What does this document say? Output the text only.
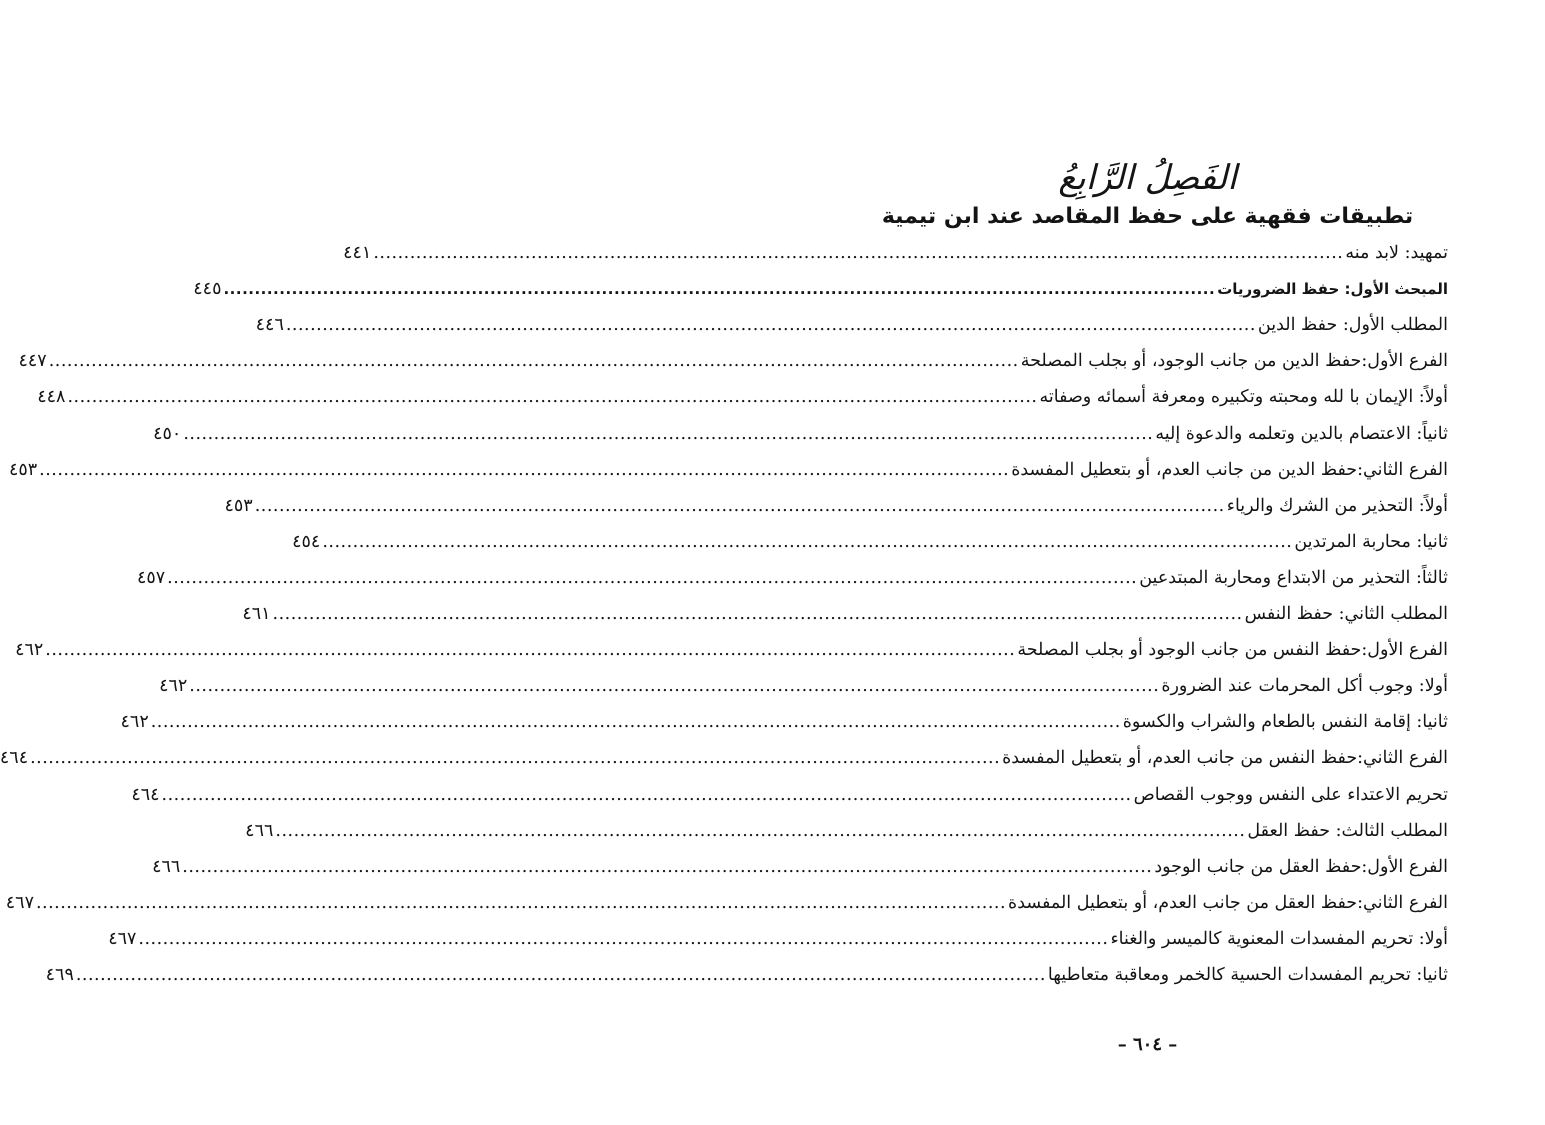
الفَصِلُ الرَّابِعُ
تطبيقات فقهية على حفظ المقاصد عند ابن تيمية
تمهيد: لابد منه
................................................................................................................................................................
٤٤١
المبحث الأول: حفظ الضروريات
................................................................................................................................................................
٤٤٥
المطلب الأول: حفظ الدين
................................................................................................................................................................
٤٤٦
الفرع الأول:حفظ الدين من جانب الوجود، أو بجلب المصلحة
................................................................................................................................................................
٤٤٧
أولاً: الإيمان با لله ومحبته وتكبيره ومعرفة أسمائه وصفاته
................................................................................................................................................................
٤٤٨
ثانياً: الاعتصام بالدين وتعلمه والدعوة إليه
................................................................................................................................................................
٤٥٠
الفرع الثاني:حفظ الدين من جانب العدم، أو بتعطيل المفسدة
................................................................................................................................................................
٤٥٣
أولاً: التحذير من الشرك والرياء
................................................................................................................................................................
٤٥٣
ثانيا: محاربة المرتدين
................................................................................................................................................................
٤٥٤
ثالثاً: التحذير من الابتداع ومحاربة المبتدعين
................................................................................................................................................................
٤٥٧
المطلب الثاني: حفظ النفس
................................................................................................................................................................
٤٦١
الفرع الأول:حفظ النفس من جانب الوجود أو بجلب المصلحة
................................................................................................................................................................
٤٦٢
أولا: وجوب أكل المحرمات عند الضرورة
................................................................................................................................................................
٤٦٢
ثانيا: إقامة النفس بالطعام والشراب والكسوة
................................................................................................................................................................
٤٦٢
الفرع الثاني:حفظ النفس من جانب العدم، أو بتعطيل المفسدة
................................................................................................................................................................
٤٦٤
تحريم الاعتداء على النفس ووجوب القصاص
................................................................................................................................................................
٤٦٤
المطلب الثالث: حفظ العقل
................................................................................................................................................................
٤٦٦
الفرع الأول:حفظ العقل من جانب الوجود
................................................................................................................................................................
٤٦٦
الفرع الثاني:حفظ العقل من جانب العدم، أو بتعطيل المفسدة
................................................................................................................................................................
٤٦٧
أولا: تحريم المفسدات المعنوية كالميسر والغناء
................................................................................................................................................................
٤٦٧
ثانيا: تحريم المفسدات الحسية كالخمر ومعاقبة متعاطيها
................................................................................................................................................................
٤٦٩
– ٦٠٤ –
